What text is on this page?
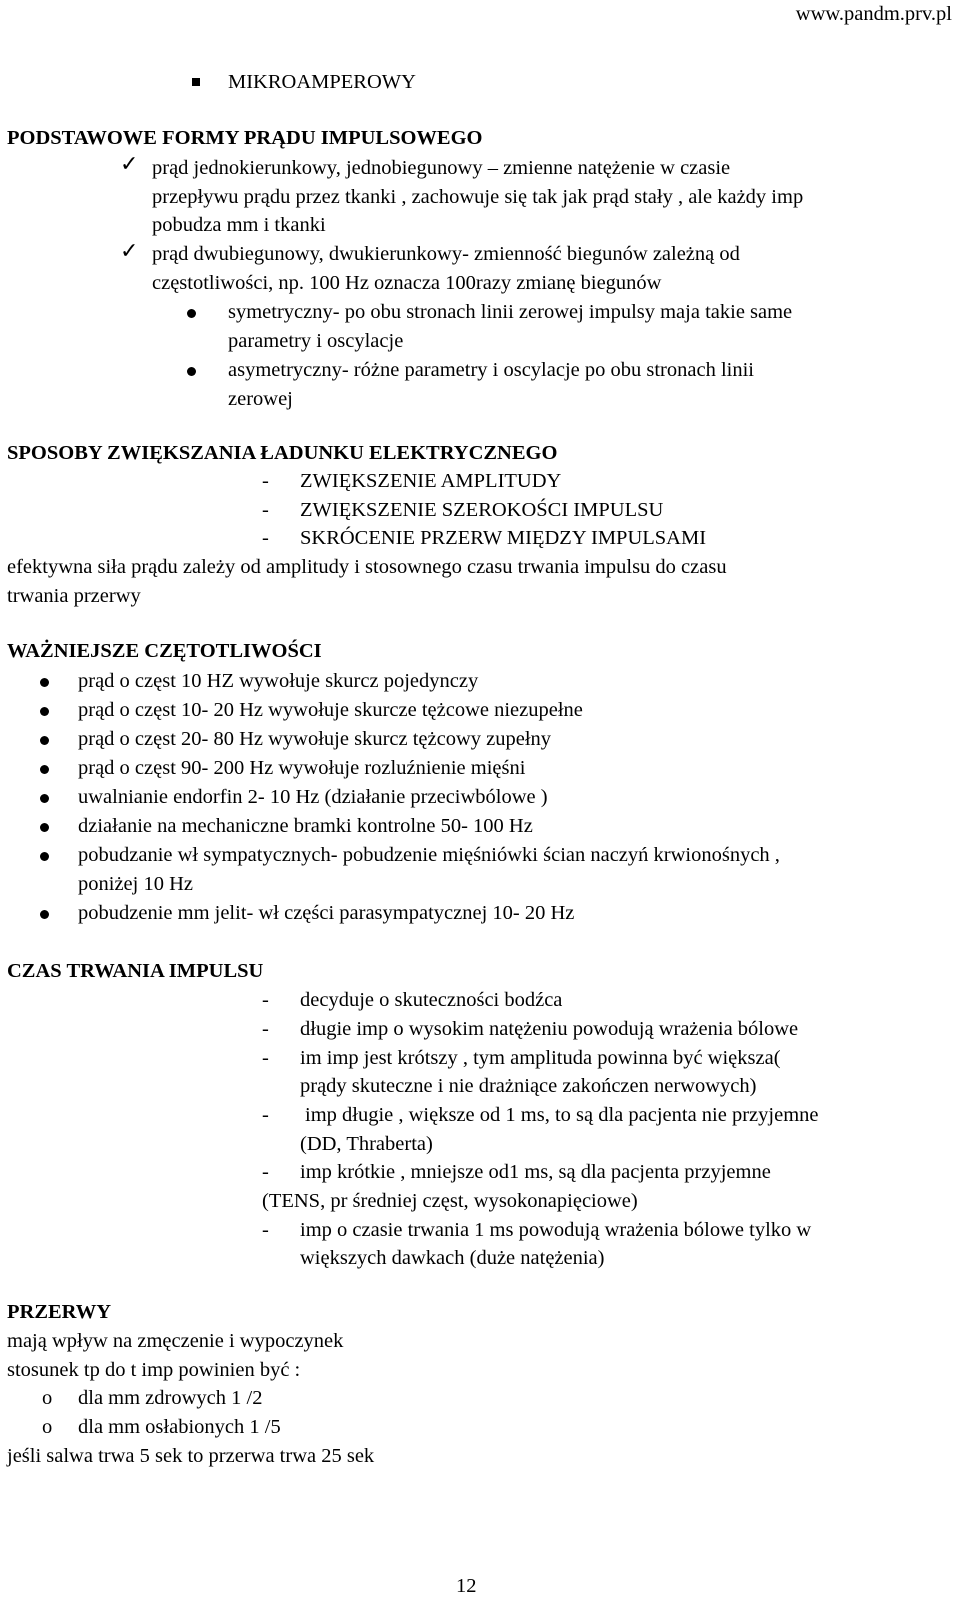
www.pandm.prv.pl
MIKROAMPEROWY
PODSTAWOWE FORMY PRĄDU IMPULSOWEGO
✓ prąd jednokierunkowy, jednobiegunowy – zmienne natężenie w czasie
przepływu prądu przez tkanki , zachowuje się tak jak prąd stały , ale każdy imp
pobudza mm i tkanki
✓ prąd dwubiegunowy, dwukierunkowy- zmienność biegunów zależną od
częstotliwości, np. 100 Hz oznacza 100razy zmianę biegunów
symetryczny- po obu stronach linii zerowej impulsy maja takie same
parametry i oscylacje
asymetryczny- różne parametry i oscylacje po obu stronach linii
zerowej
SPOSOBY ZWIĘKSZANIA ŁADUNKU ELEKTRYCZNEGO
- ZWIĘKSZENIE AMPLITUDY
- ZWIĘKSZENIE SZEROKOŚCI IMPULSU
- SKRÓCENIE PRZERW MIĘDZY IMPULSAMI
efektywna siła prądu zależy od amplitudy i stosownego czasu trwania impulsu do czasu
trwania przerwy
WAŻNIEJSZE CZĘTOTLIWOŚCI
prąd o częst 10 HZ wywołuje skurcz pojedynczy
prąd o częst 10- 20 Hz wywołuje skurcze tężcowe niezupełne
prąd o częst 20- 80 Hz wywołuje skurcz tężcowy zupełny
prąd o częst 90- 200 Hz wywołuje rozluźnienie mięśni
uwalnianie endorfin 2- 10 Hz (działanie przeciwbólowe )
działanie na mechaniczne bramki kontrolne 50- 100 Hz
pobudzanie wł sympatycznych- pobudzenie mięśniówki ścian naczyń krwionośnych ,
poniżej 10 Hz
pobudzenie mm jelit- wł części parasympatycznej 10- 20 Hz
CZAS TRWANIA IMPULSU
- decyduje o skuteczności bodźca
- długie imp o wysokim natężeniu powodują wrażenia bólowe
- im imp jest krótszy , tym amplituda powinna być większa(
prądy skuteczne i nie drażniące zakończen nerwowych)
- imp długie , większe od 1 ms, to są dla pacjenta nie przyjemne
(DD, Thraberta)
- imp krótkie , mniejsze od1 ms, są dla pacjenta przyjemne
(TENS, pr średniej częst, wysokonapięciowe)
- imp o czasie trwania 1 ms powodują wrażenia bólowe tylko w
większych dawkach (duże natężenia)
PRZERWY
mają wpływ na zmęczenie i wypoczynek
stosunek tp do t imp powinien być :
o dla mm zdrowych 1 /2
o dla mm osłabionych 1 /5
jeśli salwa trwa 5 sek to przerwa trwa 25 sek
12
